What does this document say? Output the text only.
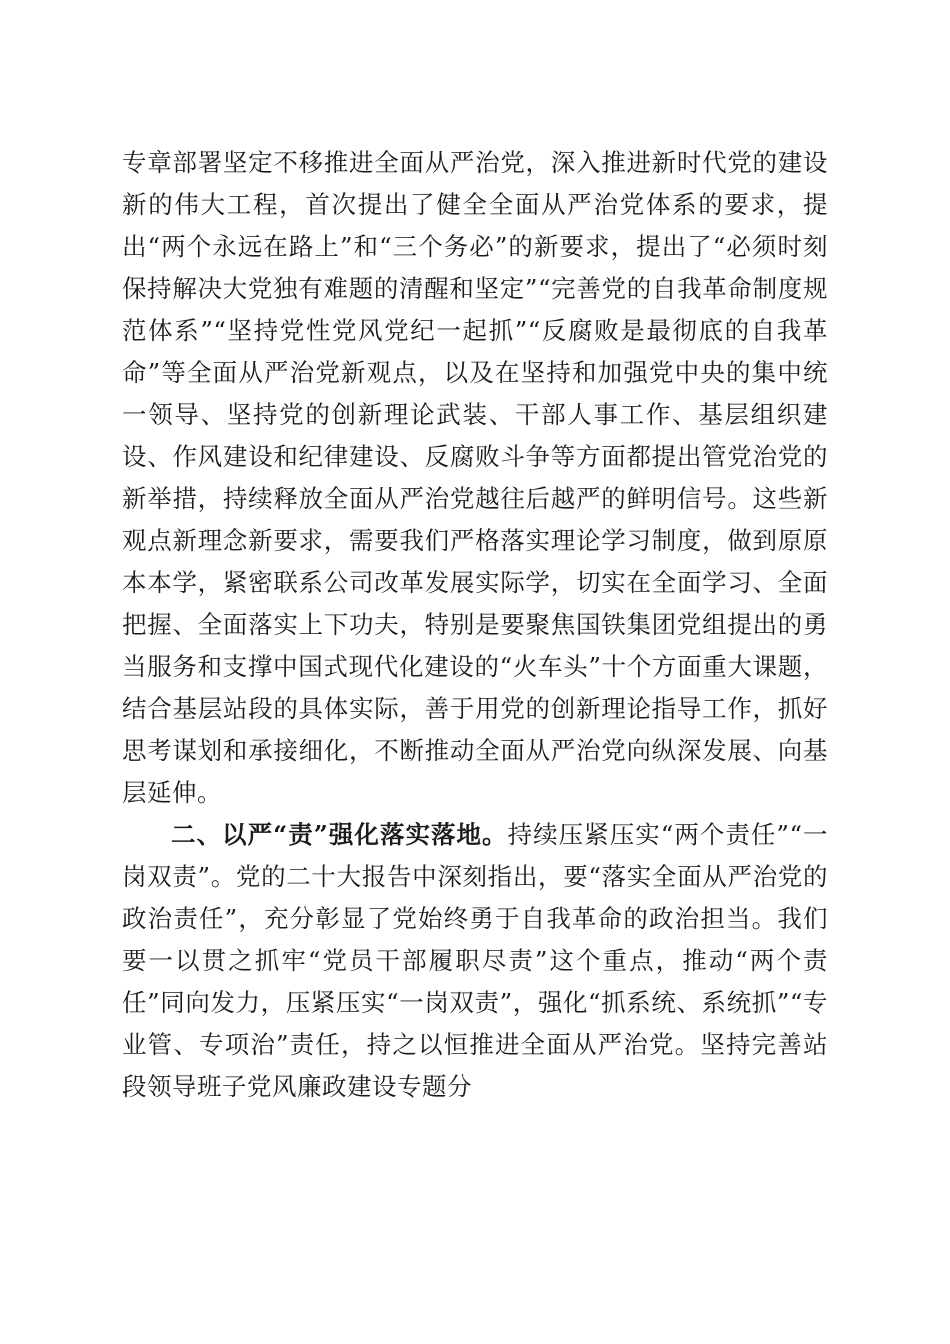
专章部署坚定不移推进全面从严治党，深入推进新时代党的建设新的伟大工程，首次提出了健全全面从严治党体系的要求，提出“两个永远在路上”和“三个务必”的新要求，提出了“必须时刻保持解决大党独有难题的清醒和坚定”“完善党的自我革命制度规范体系”“坚持党性党风党纪一起抓”“反腐败是最彻底的自我革命”等全面从严治党新观点，以及在坚持和加强党中央的集中统一领导、坚持党的创新理论武装、干部人事工作、基层组织建设、作风建设和纪律建设、反腐败斗争等方面都提出管党治党的新举措，持续释放全面从严治党越往后越严的鲜明信号。这些新观点新理念新要求，需要我们严格落实理论学习制度，做到原原本本学，紧密联系公司改革发展实际学，切实在全面学习、全面把握、全面落实上下功夫，特别是要聚焦国铁集团党组提出的勇当服务和支撑中国式现代化建设的“火车头”十个方面重大课题，结合基层站段的具体实际，善于用党的创新理论指导工作，抓好思考谋划和承接细化，不断推动全面从严治党向纵深发展、向基层延伸。

二、以严“责”强化落实落地。持续压紧压实“两个责任”“一岗双责”。党的二十大报告中深刻指出，要“落实全面从严治党的政治责任”，充分彰显了党始终勇于自我革命的政治担当。我们要一以贯之抓牢“党员干部履职尽责”这个重点，推动“两个责任”同向发力，压紧压实“一岗双责”，强化“抓系统、系统抓”“专业管、专项治”责任，持之以恒推进全面从严治党。坚持完善站段领导班子党风廉政建设专题分
